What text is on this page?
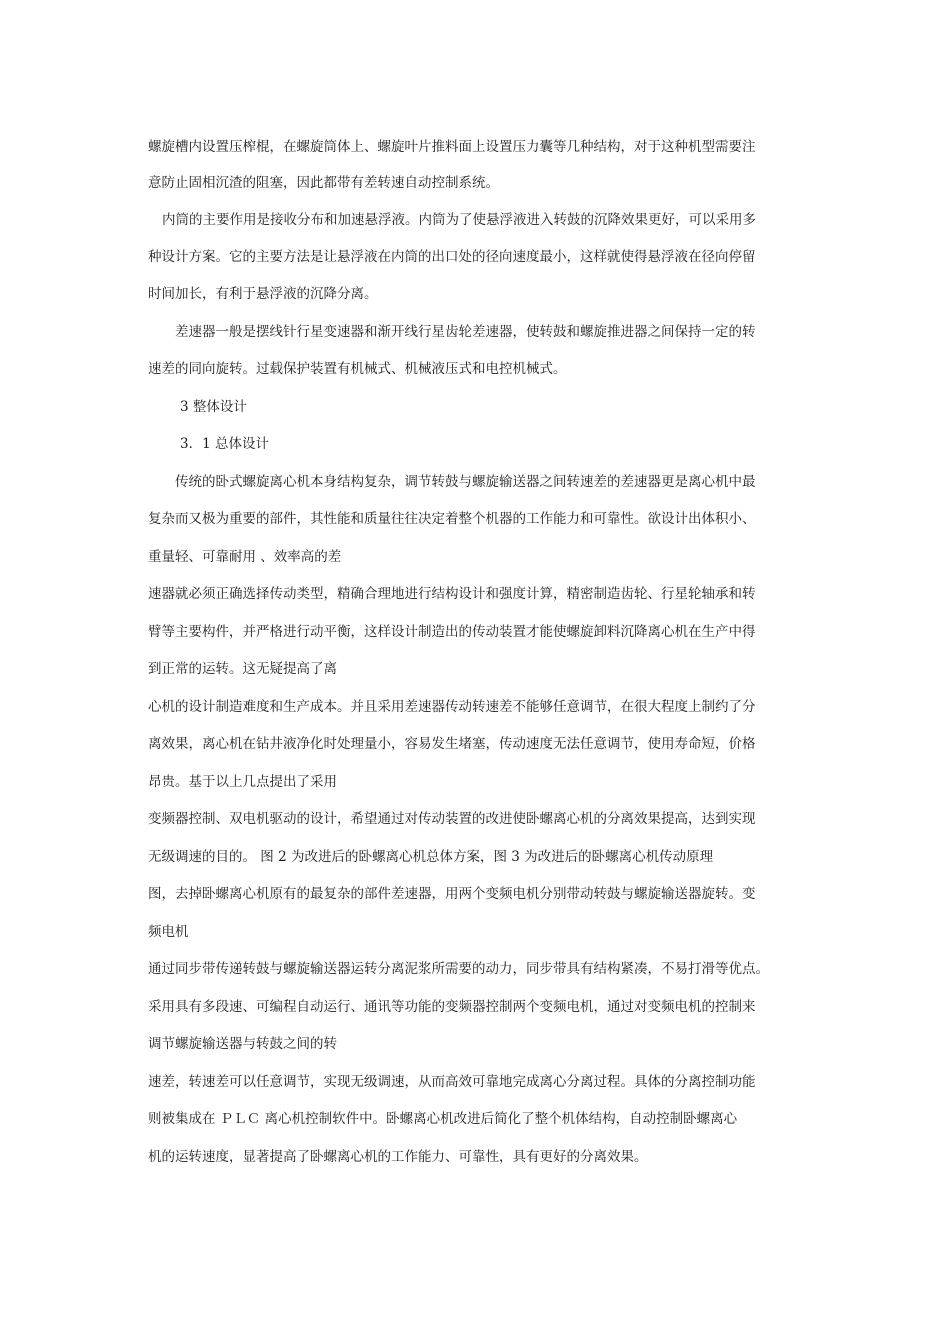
螺旋槽内设置压榨棍，在螺旋筒体上、螺旋叶片推料面上设置压力囊等几种结构，对于这种机型需要注
意防止固相沉渣的阻塞，因此都带有差转速自动控制系统。
内筒的主要作用是接收分布和加速悬浮液。内筒为了使悬浮液进入转鼓的沉降效果更好，可以采用多
种设计方案。它的主要方法是让悬浮液在内筒的出口处的径向速度最小，这样就使得悬浮液在径向停留
时间加长，有利于悬浮液的沉降分离。
差速器一般是摆线针行星变速器和渐开线行星齿轮差速器，使转鼓和螺旋推进器之间保持一定的转
速差的同向旋转。过载保护装置有机械式、机械液压式和电控机械式。
3 整体设计
3．1 总体设计
传统的卧式螺旋离心机本身结构复杂，调节转鼓与螺旋输送器之间转速差的差速器更是离心机中最
复杂而又极为重要的部件，其性能和质量往往决定着整个机器的工作能力和可靠性。欲设计出体积小、
重量轻、可靠耐用 、效率高的差
速器就必须正确选择传动类型，精确合理地进行结构设计和强度计算，精密制造齿轮、行星轮轴承和转
臂等主要构件，并严格进行动平衡，这样设计制造出的传动装置才能使螺旋卸料沉降离心机在生产中得
到正常的运转。这无疑提高了离
心机的设计制造难度和生产成本。并且采用差速器传动转速差不能够任意调节，在很大程度上制约了分
离效果，离心机在钻井液净化时处理量小，容易发生堵塞，传动速度无法任意调节，使用寿命短，价格
昂贵。基于以上几点提出了采用
变频器控制、双电机驱动的设计，希望通过对传动装置的改进使卧螺离心机的分离效果提高，达到实现
无级调速的目的。 图 2 为改进后的卧螺离心机总体方案，图 3 为改进后的卧螺离心机传动原理
图，去掉卧螺离心机原有的最复杂的部件差速器，用两个变频电机分别带动转鼓与螺旋输送器旋转。变
频电机
通过同步带传递转鼓与螺旋输送器运转分离泥浆所需要的动力，同步带具有结构紧凑，不易打滑等优点。
采用具有多段速、可编程自动运行、通讯等功能的变频器控制两个变频电机，通过对变频电机的控制来
调节螺旋输送器与转鼓之间的转
速差，转速差可以任意调节，实现无级调速，从而高效可靠地完成离心分离过程。具体的分离控制功能
则被集成在 ＰＬＣ 离心机控制软件中。卧螺离心机改进后简化了整个机体结构，自动控制卧螺离心
机的运转速度，显著提高了卧螺离心机的工作能力、可靠性，具有更好的分离效果。
